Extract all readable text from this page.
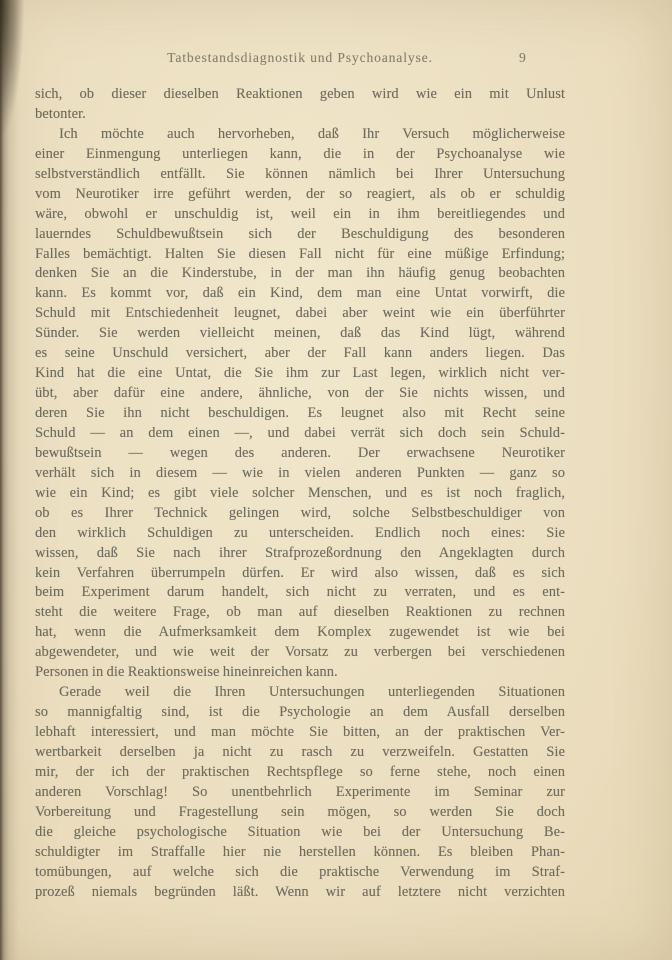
Tatbestandsdiagnostik und Psychoanalyse.	9
sich, ob dieser dieselben Reaktionen geben wird wie ein mit Unlust
betonter.
Ich möchte auch hervorheben, daß Ihr Versuch möglicherweise
einer Einmengung unterliegen kann, die in der Psychoanalyse wie
selbstverständlich entfällt. Sie können nämlich bei Ihrer Untersuchung
vom Neurotiker irre geführt werden, der so reagiert, als ob er schuldig
wäre, obwohl er unschuldig ist, weil ein in ihm bereitliegendes und
lauerndes Schuldbewußtsein sich der Beschuldigung des besonderen
Falles bemächtigt. Halten Sie diesen Fall nicht für eine müßige Erfindung;
denken Sie an die Kinderstube, in der man ihn häufig genug beobachten
kann. Es kommt vor, daß ein Kind, dem man eine Untat vorwirft, die
Schuld mit Entschiedenheit leugnet, dabei aber weint wie ein überführter
Sünder. Sie werden vielleicht meinen, daß das Kind lügt, während
es seine Unschuld versichert, aber der Fall kann anders liegen. Das
Kind hat die eine Untat, die Sie ihm zur Last legen, wirklich nicht ver-
übt, aber dafür eine andere, ähnliche, von der Sie nichts wissen, und
deren Sie ihn nicht beschuldigen. Es leugnet also mit Recht seine
Schuld — an dem einen —, und dabei verrät sich doch sein Schuld-
bewußtsein — wegen des anderen. Der erwachsene Neurotiker
verhält sich in diesem — wie in vielen anderen Punkten — ganz so
wie ein Kind; es gibt viele solcher Menschen, und es ist noch fraglich,
ob es Ihrer Technick gelingen wird, solche Selbstbeschuldiger von
den wirklich Schuldigen zu unterscheiden. Endlich noch eines: Sie
wissen, daß Sie nach ihrer Strafprozeßordnung den Angeklagten durch
kein Verfahren überrumpeln dürfen. Er wird also wissen, daß es sich
beim Experiment darum handelt, sich nicht zu verraten, und es ent-
steht die weitere Frage, ob man auf dieselben Reaktionen zu rechnen
hat, wenn die Aufmerksamkeit dem Komplex zugewendet ist wie bei
abgewendeter, und wie weit der Vorsatz zu verbergen bei verschiedenen
Personen in die Reaktionsweise hineinreichen kann.
Gerade weil die Ihren Untersuchungen unterliegenden Situationen
so mannigfaltig sind, ist die Psychologie an dem Ausfall derselben
lebhaft interessiert, und man möchte Sie bitten, an der praktischen Ver-
wertbarkeit derselben ja nicht zu rasch zu verzweifeln. Gestatten Sie
mir, der ich der praktischen Rechtspflege so ferne stehe, noch einen
anderen Vorschlag! So unentbehrlich Experimente im Seminar zur
Vorbereitung und Fragestellung sein mögen, so werden Sie doch
die gleiche psychologische Situation wie bei der Untersuchung Be-
schuldigter im Straffalle hier nie herstellen können. Es bleiben Phan-
tomübungen, auf welche sich die praktische Verwendung im Straf-
prozeß niemals begründen läßt. Wenn wir auf letztere nicht verzichten
